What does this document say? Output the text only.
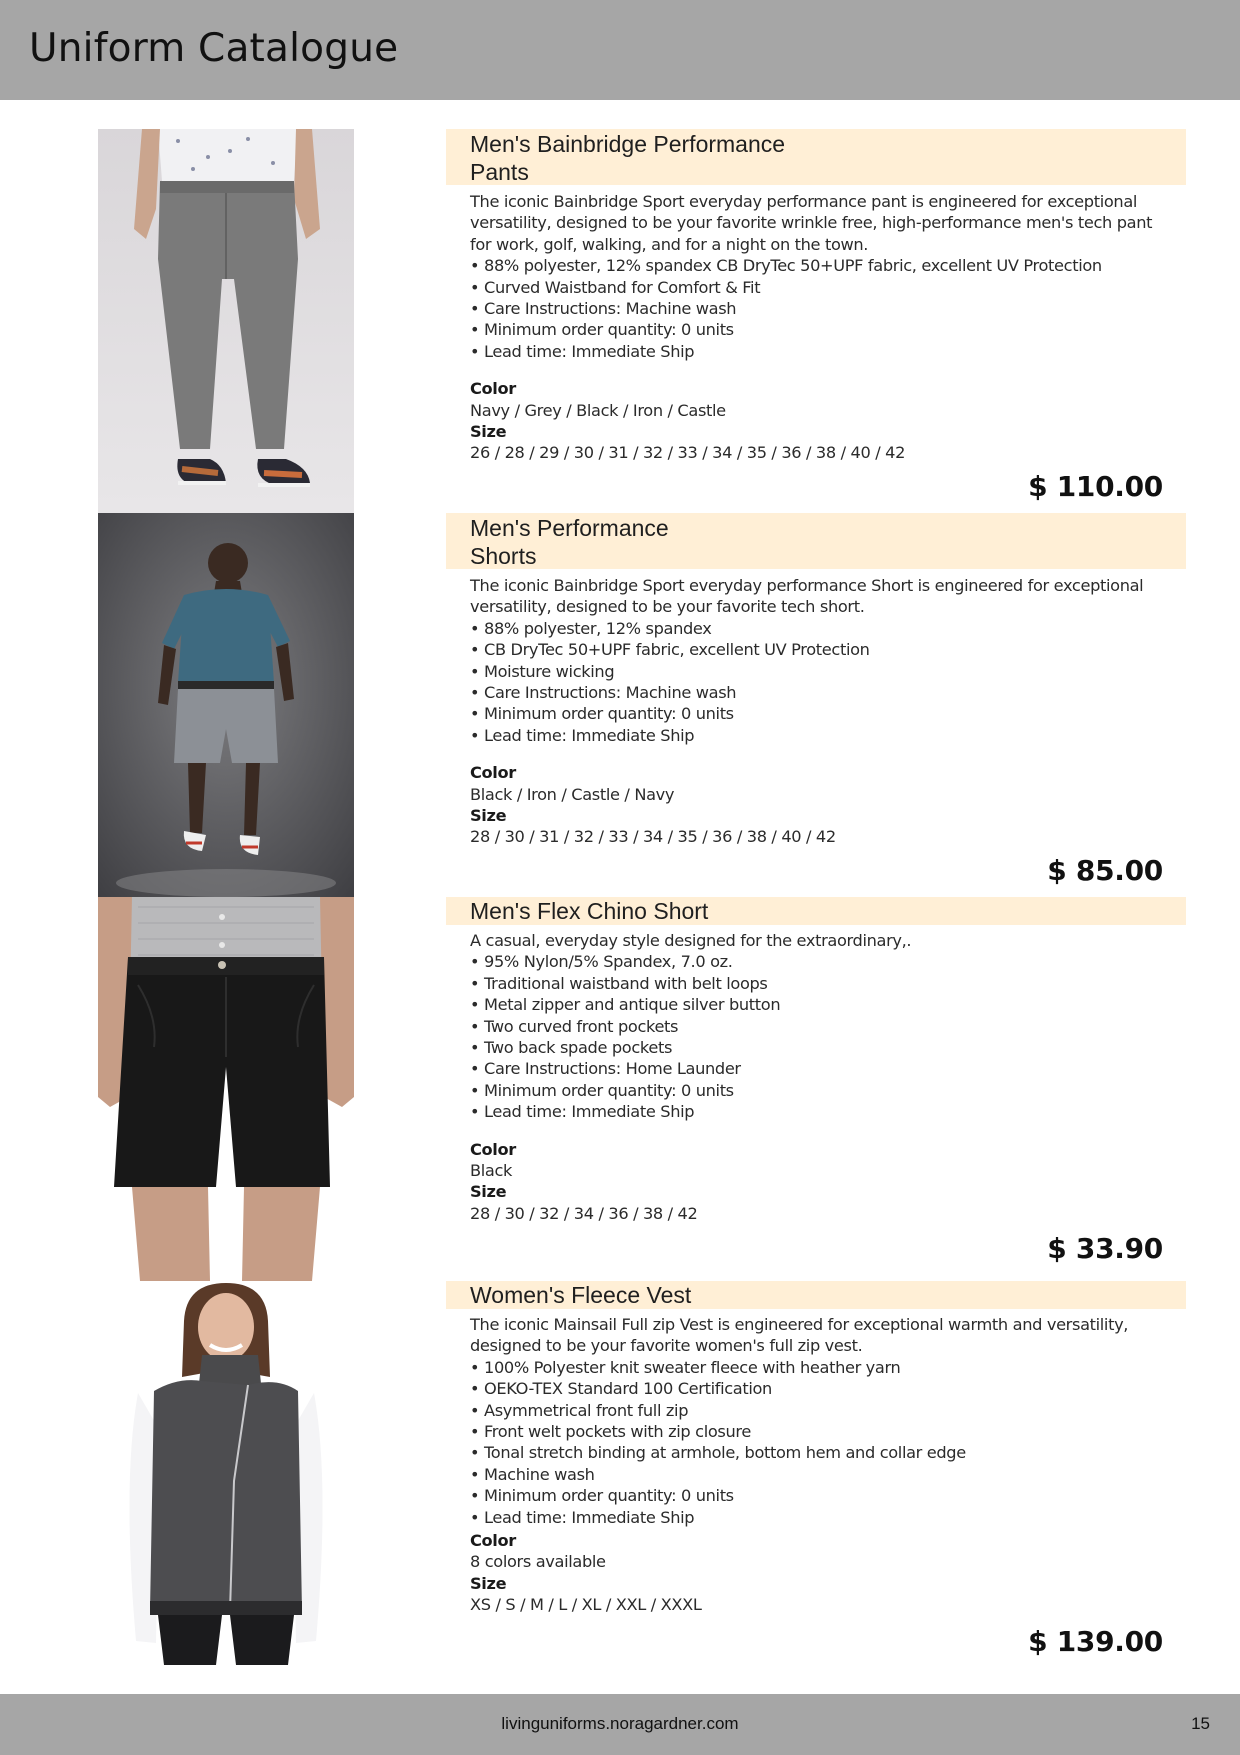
Uniform Catalogue
Men's Bainbridge Performance
Pants

The iconic Bainbridge Sport everyday performance pant is engineered for exceptional versatility, designed to be your favorite wrinkle free, high-performance men's tech pant for work, golf, walking, and for a night on the town.

• 88% polyester, 12% spandex CB DryTec 50+UPF fabric, excellent UV Protection
• Curved Waistband for Comfort & Fit
• Care Instructions: Machine wash
• Minimum order quantity: 0 units
• Lead time: Immediate Ship
Color
Navy / Grey / Black / Iron / Castle
Size
26 / 28 / 29 / 30 / 31 / 32 / 33 / 34 / 35 / 36 / 38 / 40 / 42
$ 110.00
Men's Performance
Shorts

The iconic Bainbridge Sport everyday performance Short is engineered for exceptional versatility, designed to be your favorite tech short.

• 88% polyester, 12% spandex
• CB DryTec 50+UPF fabric, excellent UV Protection
• Moisture wicking
• Care Instructions: Machine wash
• Minimum order quantity: 0 units
• Lead time: Immediate Ship
Color
Black / Iron / Castle / Navy
Size
28 / 30 / 31 / 32 / 33 / 34 / 35 / 36 / 38 / 40 / 42
$ 85.00
Men's Flex Chino Short

A casual, everyday style designed for the extraordinary,.

• 95% Nylon/5% Spandex, 7.0 oz.
• Traditional waistband with belt loops
• Metal zipper and antique silver button
• Two curved front pockets
• Two back spade pockets
• Care Instructions: Home Launder
• Minimum order quantity: 0 units
• Lead time: Immediate Ship
Color
Black
Size
28 / 30 / 32 / 34 / 36 / 38 / 42
$ 33.90
Women's Fleece Vest

The iconic Mainsail Full zip Vest is engineered for exceptional warmth and versatility, designed to be your favorite women's full zip vest.

• 100% Polyester knit sweater fleece with heather yarn
• OEKO-TEX Standard 100 Certification
• Asymmetrical front full zip
• Front welt pockets with zip closure
• Tonal stretch binding at armhole, bottom hem and collar edge
• Machine wash
• Minimum order quantity: 0 units
• Lead time: Immediate Ship
Color
8 colors available
Size
XS / S / M / L / XL / XXL / XXXL
$ 139.00
livinguniforms.noragardner.com	15
